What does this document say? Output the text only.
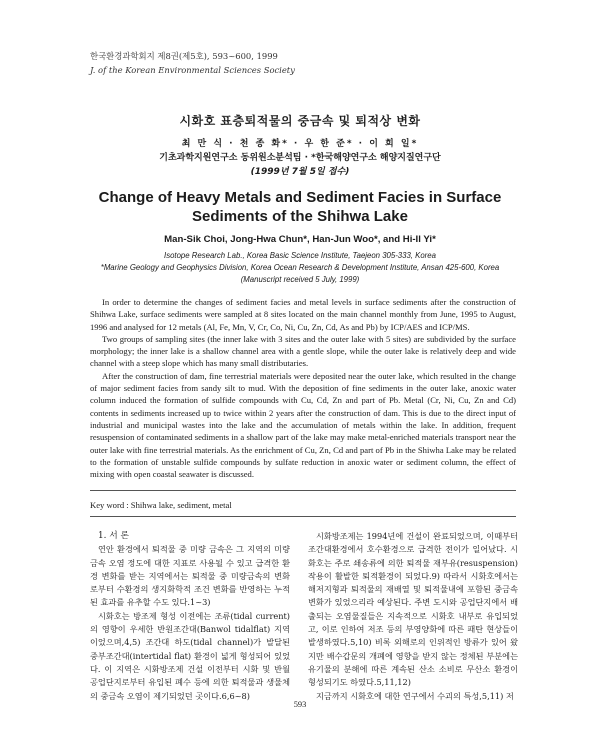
한국환경과학회지 제8권(제5호), 593~600, 1999
J. of the Korean Environmental Sciences Society
시화호 표층퇴적물의 중금속 및 퇴적상 변화
최 만 식 · 천 종 화* · 우 한 준* · 이 희 일*
기초과학지원연구소 동위원소분석팀 · *한국해양연구소 해양지질연구단
(1999년 7월 5일 접수)
Change of Heavy Metals and Sediment Facies in Surface
Sediments of the Shihwa Lake
Man-Sik Choi, Jong-Hwa Chun*, Han-Jun Woo*, and Hi-Il Yi*
Isotope Research Lab., Korea Basic Science Institute, Taejeon 305-333, Korea
*Marine Geology and Geophysics Division, Korea Ocean Research & Development Institute, Ansan 425-600, Korea
(Manuscript received 5 July, 1999)

In order to determine the changes of sediment facies and metal levels in surface sediments after the construction of Shihwa Lake, surface sediments were sampled at 8 sites located on the main channel monthly from June, 1995 to August, 1996 and analysed for 12 metals (Al, Fe, Mn, V, Cr, Co, Ni, Cu, Zn, Cd, As and Pb) by ICP/AES and ICP/MS.

Two groups of sampling sites (the inner lake with 3 sites and the outer lake with 5 sites) are subdivided by the surface morphology; the inner lake is a shallow channel area with a gentle slope, while the outer lake is relatively deep and wide channel with a steep slope which has many small distributaries.

After the construction of dam, fine terrestrial materials were deposited near the outer lake, which resulted in the change of major sediment facies from sandy silt to mud. With the deposition of fine sediments in the outer lake, anoxic water column induced the formation of sulfide compounds with Cu, Cd, Zn and part of Pb. Metal (Cr, Ni, Cu, Zn and Cd) contents in sediments increased up to twice within 2 years after the construction of dam. This is due to the direct input of industrial and municipal wastes into the lake and the accumulation of metals within the lake. In addition, frequent resuspension of contaminated sediments in a shallow part of the lake may make metal-enriched materials transport near the outer lake with fine terrestrial materials. As the enrichment of Cu, Zn, Cd and part of Pb in the Shiwha Lake may be related to the formation of unstable sulfide compounds by sulfate reduction in anoxic water or sediment column, the effect of mixing with open coastal seawater is discussed.

Key word : Shihwa lake, sediment, metal

1. 서 론

연안 환경에서 퇴적물 중 미량 금속은 그 지역의 미량금속 오염 정도에 대한 지표로 사용될 수 있고 급격한 환경 변화를 받는 지역에서는 퇴적물 중 미량금속의 변화로부터 수환경의 생지화학적 조건 변화를 반영하는 누적된 효과를 유추할 수도 있다.1~3)

시화호는 방조제 형성 이전에는 조류(tidal current)의 영향이 우세한 반원조간대(Banwol tidalflat) 지역이었으며,4,5) 조간대 하도(tidal channel)가 발달된 중부조간대(intertidal flat) 환경이 넓게 형성되어 있었다. 이 지역은 시화방조제 건설 이전부터 시화 및 반월 공업단지로부터 유입된 폐수 등에 의한 퇴적물과 생물체의 중금속 오염이 제기되었던 곳이다.6,6~8)

시화방조제는 1994년에 건설이 완료되었으며, 이때부터 조간대환경에서 호수환경으로 급격한 전이가 일어났다. 시화호는 주로 쇄송류에 의한 퇴적물 재부유(resuspension) 작용이 활발한 퇴적환경이 되었다.9) 따라서 시화호에서는 해저지형과 퇴적물의 재배열 및 퇴적물내에 포함된 중금속 변화가 있었으리라 예상된다. 주변 도시와 공업단지에서 배출되는 오염물질들은 지속적으로 시화호 내부로 유입되었고, 이로 인하여 저조 등의 부영양화에 따른 패탄 현상들이 발생하였다.5,10) 비록 외해로의 인위적인 방류가 있어 왔지만 배수갑문의 개폐에 영향을 받지 않는 정체된 부분에는 유기물의 분해에 따른 계속된 산소 소비로 무산소 환경이 형성되기도 하였다.5,11,12)

지금까지 시화호에 대한 연구에서 수괴의 특성,5,11) 저

593
